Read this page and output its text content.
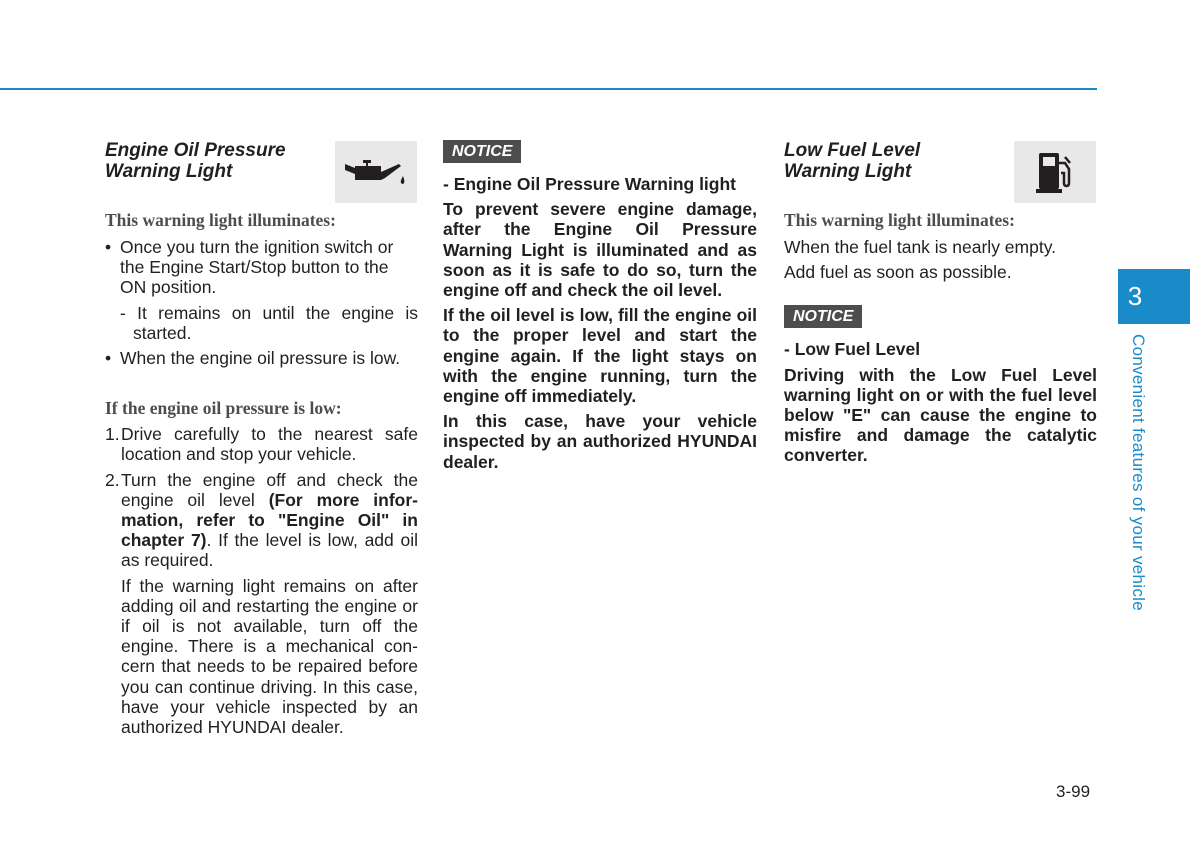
Engine Oil Pressure
Warning Light

This warning light illuminates:

• Once you turn the ignition switch or the Engine Start/Stop button to the ON position.
- It remains on until the engine is started.
• When the engine oil pressure is low.

If the engine oil pressure is low:

1. Drive carefully to the nearest safe location and stop your vehicle.
2. Turn the engine off and check the engine oil level (For more infor-mation, refer to "Engine Oil" in chapter 7). If the level is low, add oil as required.

If the warning light remains on after adding oil and restarting the engine or if oil is not available, turn off the engine. There is a mechanical con-cern that needs to be repaired before you can continue driving. In this case, have your vehicle inspected by an authorized HYUNDAI dealer.

NOTICE

- Engine Oil Pressure Warning light

To prevent severe engine damage, after the Engine Oil Pressure Warning Light is illuminated and as soon as it is safe to do so, turn the engine off and check the oil level.

If the oil level is low, fill the engine oil to the proper level and start the engine again. If the light stays on with the engine running, turn the engine off immediately.

In this case, have your vehicle inspected by an authorized HYUNDAI dealer.

Low Fuel Level
Warning Light

This warning light illuminates:

When the fuel tank is nearly empty.

Add fuel as soon as possible.

NOTICE

- Low Fuel Level

Driving with the Low Fuel Level warning light on or with the fuel level below "E" can cause the engine to misfire and damage the catalytic converter.

3
Convenient features of your vehicle
3-99
